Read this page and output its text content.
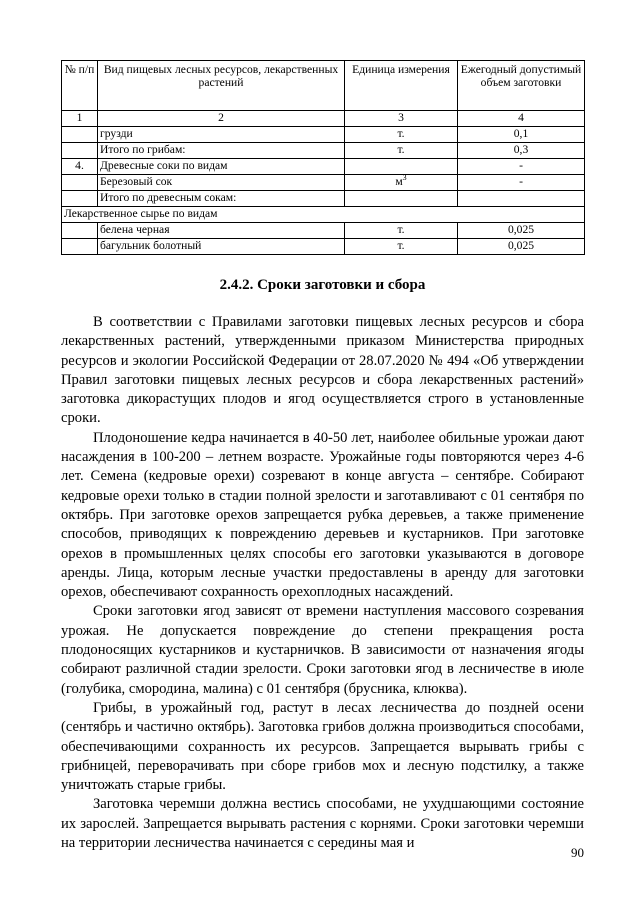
№ п/п	Вид пищевых лесных ресурсов, лекарственных растений	Единица измерения	Ежегодный допустимый объем заготовки
1	2	3	4
	грузди	т.	0,1
	Итого по грибам:	т.	0,3
4.	Древесные соки по видам		-
	Березовый сок	$м^3$	-
	Итого по древесным сокам:		
Лекарственное сырье по видам			
	белена черная	т.	0,025
	багульник болотный	т.	0,025
2.4.2. Сроки заготовки и сбора

В соответствии с Правилами заготовки пищевых лесных ресурсов и сбора лекарственных растений, утвержденными приказом Министерства природных ресурсов и экологии Российской Федерации от 28.07.2020 № 494 «Об утверждении Правил заготовки пищевых лесных ресурсов и сбора лекарственных растений» заготовка дикорастущих плодов и ягод осуществляется строго в установленные сроки.

Плодоношение кедра начинается в 40-50 лет, наиболее обильные урожаи дают насаждения в 100-200 – летнем возрасте. Урожайные годы повторяются через 4-6 лет. Семена (кедровые орехи) созревают в конце августа – сентябре. Собирают кедровые орехи только в стадии полной зрелости и заготавливают с 01 сентября по октябрь. При заготовке орехов запрещается рубка деревьев, а также применение способов, приводящих к повреждению деревьев и кустарников. При заготовке орехов в промышленных целях способы его заготовки указываются в договоре аренды. Лица, которым лесные участки предоставлены в аренду для заготовки орехов, обеспечивают сохранность орехоплодных насаждений.

Сроки заготовки ягод зависят от времени наступления массового созревания урожая. Не допускается повреждение до степени прекращения роста плодоносящих кустарников и кустарничков. В зависимости от назначения ягоды собирают различной стадии зрелости. Сроки заготовки ягод в лесничестве в июле (голубика, смородина, малина) с 01 сентября (брусника, клюква).

Грибы, в урожайный год, растут в лесах лесничества до поздней осени (сентябрь и частично октябрь). Заготовка грибов должна производиться способами, обеспечивающими сохранность их ресурсов. Запрещается вырывать грибы с грибницей, переворачивать при сборе грибов мох и лесную подстилку, а также уничтожать старые грибы.

Заготовка черемши должна вестись способами, не ухудшающими состояние их зарослей. Запрещается вырывать растения с корнями. Сроки заготовки черемши на территории лесничества начинается с середины мая и

90
